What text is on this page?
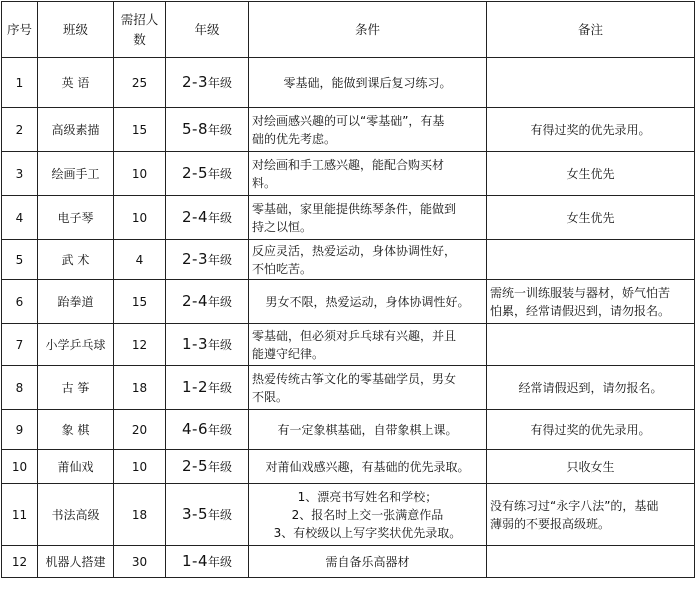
序号	班级	需招人数	年级	条件	备注
1	英 语	25	2-3年级	零基础，能做到课后复习练习。	

2	高级素描	15	5-8年级	对绘画感兴趣的可以“零基础”，有基
础的优先考虑。	有得过奖的优先录用。

3	绘画手工	10	2-5年级	对绘画和手工感兴趣，能配合购买材
料。	女生优先

4	电子琴	10	2-4年级	零基础，家里能提供练琴条件，能做到
持之以恒。	女生优先

5	武 术	4	2-3年级	反应灵活，热爱运动，身体协调性好，
不怕吃苦。	

6	跆拳道	15	2-4年级	男女不限，热爱运动，身体协调性好。	需统一训练服装与器材，娇气怕苦
怕累，经常请假迟到，请勿报名。

7	小学乒乓球	12	1-3年级	零基础，但必须对乒乓球有兴趣，并且
能遵守纪律。	

8	古 筝	18	1-2年级	热爱传统古筝文化的零基础学员，男女
不限。	经常请假迟到，请勿报名。

9	象 棋	20	4-6年级	有一定象棋基础，自带象棋上课。	有得过奖的优先录用。

10	莆仙戏	10	2-5年级	对莆仙戏感兴趣，有基础的优先录取。	只收女生

11	书法高级	18	3-5年级	1、漂亮书写姓名和学校；
2、报名时上交一张满意作品
3、有校级以上写字奖状优先录取。	没有练习过“永字八法”的，基础
薄弱的不要报高级班。

12	机器人搭建	30	1-4年级	需自备乐高器材	
